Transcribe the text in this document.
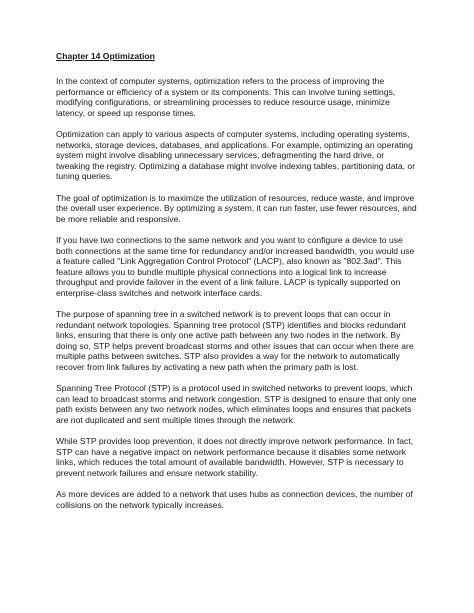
Chapter 14 Optimization

In the context of computer systems, optimization refers to the process of improving the performance or efficiency of a system or its components. This can involve tuning settings, modifying configurations, or streamlining processes to reduce resource usage, minimize latency, or speed up response times.

Optimization can apply to various aspects of computer systems, including operating systems, networks, storage devices, databases, and applications. For example, optimizing an operating system might involve disabling unnecessary services, defragmenting the hard drive, or tweaking the registry. Optimizing a database might involve indexing tables, partitioning data, or tuning queries.

The goal of optimization is to maximize the utilization of resources, reduce waste, and improve the overall user experience. By optimizing a system, it can run faster, use fewer resources, and be more reliable and responsive.

If you have two connections to the same network and you want to configure a device to use both connections at the same time for redundancy and/or increased bandwidth, you would use a feature called "Link Aggregation Control Protocol" (LACP), also known as "802.3ad". This feature allows you to bundle multiple physical connections into a logical link to increase throughput and provide failover in the event of a link failure. LACP is typically supported on enterprise-class switches and network interface cards.

The purpose of spanning tree in a switched network is to prevent loops that can occur in redundant network topologies. Spanning tree protocol (STP) identifies and blocks redundant links, ensuring that there is only one active path between any two nodes in the network. By doing so, STP helps prevent broadcast storms and other issues that can occur when there are multiple paths between switches. STP also provides a way for the network to automatically recover from link failures by activating a new path when the primary path is lost.

Spanning Tree Protocol (STP) is a protocol used in switched networks to prevent loops, which can lead to broadcast storms and network congestion. STP is designed to ensure that only one path exists between any two network nodes, which eliminates loops and ensures that packets are not duplicated and sent multiple times through the network.

While STP provides loop prevention, it does not directly improve network performance. In fact, STP can have a negative impact on network performance because it disables some network links, which reduces the total amount of available bandwidth. However, STP is necessary to prevent network failures and ensure network stability.

As more devices are added to a network that uses hubs as connection devices, the number of collisions on the network typically increases.
